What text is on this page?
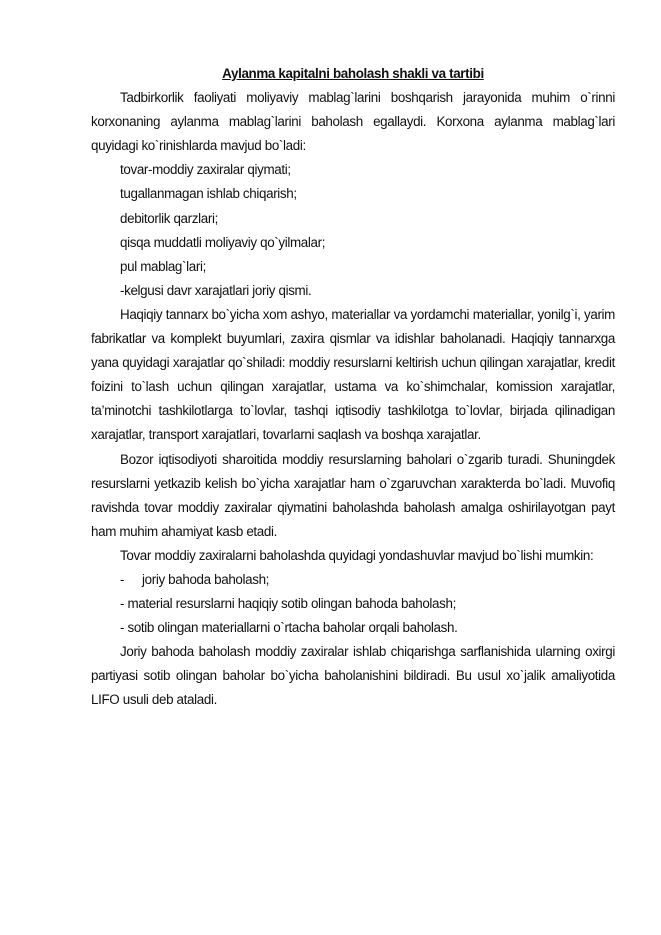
Aylanma kapitalni baholash shakli va tartibi

Tadbirkorlik faoliyati moliyaviy mablag`larini boshqarish jarayonida muhim o`rinni korxonaning aylanma mablag`larini baholash egallaydi. Korxona aylanma mablag`lari quyidagi ko`rinishlarda mavjud bo`ladi:

tovar-moddiy zaxiralar qiymati;

tugallanmagan ishlab chiqarish;

debitorlik qarzlari;

qisqa muddatli moliyaviy qo`yilmalar;

pul mablag`lari;

-kelgusi davr xarajatlari joriy qismi.

Haqiqiy tannarx bo`yicha xom ashyo, materiallar va yordamchi materiallar, yonilg`i, yarim fabrikatlar va komplekt buyumlari, zaxira qismlar va idishlar baholanadi. Haqiqiy tannarxga yana quyidagi xarajatlar qo`shiladi: moddiy resurslarni keltirish uchun qilingan xarajatlar, kredit foizini to`lash uchun qilingan xarajatlar, ustama va ko`shimchalar, komission xarajatlar, ta’minotchi tashkilotlarga to`lovlar, tashqi iqtisodiy tashkilotga to`lovlar, birjada qilinadigan xarajatlar, transport xarajatlari, tovarlarni saqlash va boshqa xarajatlar.

Bozor iqtisodiyoti sharoitida moddiy resurslarning baholari o`zgarib turadi. Shuningdek resurslarni yetkazib kelish bo`yicha xarajatlar ham o`zgaruvchan xarakterda bo`ladi. Muvofiq ravishda tovar moddiy zaxiralar qiymatini baholashda baholash amalga oshirilayotgan payt ham muhim ahamiyat kasb etadi.

Tovar moddiy zaxiralarni baholashda quyidagi yondashuvlar mavjud bo`lishi mumkin:

- joriy bahoda baholash;

- material resurslarni haqiqiy sotib olingan bahoda baholash;

- sotib olingan materiallarni o`rtacha baholar orqali baholash.

Joriy bahoda baholash moddiy zaxiralar ishlab chiqarishga sarflanishida ularning oxirgi partiyasi sotib olingan baholar bo`yicha baholanishini bildiradi. Bu usul xo`jalik amaliyotida LIFO usuli deb ataladi.
